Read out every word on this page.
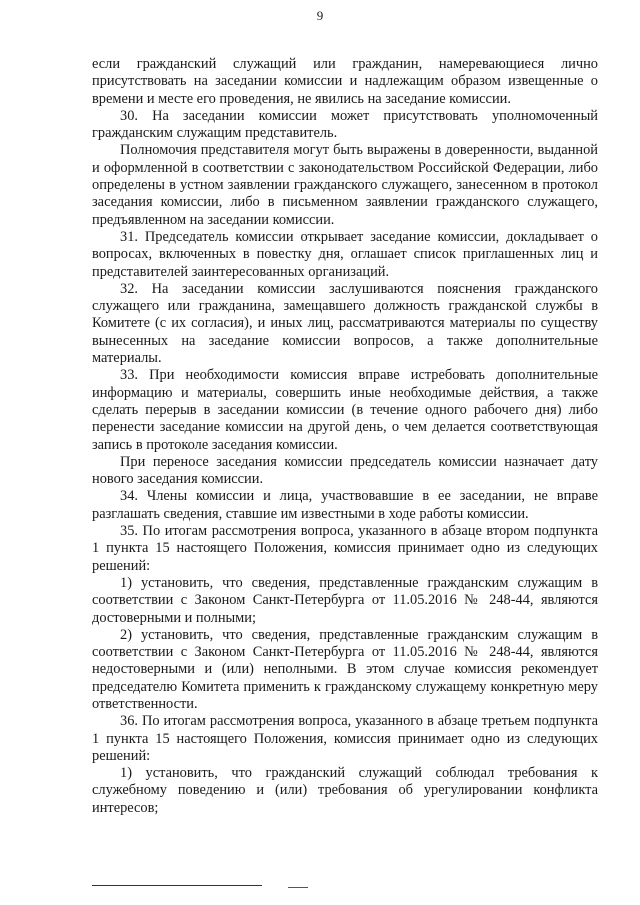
9

если гражданский служащий или гражданин, намеревающиеся лично присутствовать на заседании комиссии и надлежащим образом извещенные о времени и месте его проведения, не явились на заседание комиссии.

30. На заседании комиссии может присутствовать уполномоченный гражданским служащим представитель.

Полномочия представителя могут быть выражены в доверенности, выданной и оформленной в соответствии с законодательством Российской Федерации, либо определены в устном заявлении гражданского служащего, занесенном в протокол заседания комиссии, либо в письменном заявлении гражданского служащего, предъявленном на заседании комиссии.

31. Председатель комиссии открывает заседание комиссии, докладывает о вопросах, включенных в повестку дня, оглашает список приглашенных лиц и представителей заинтересованных организаций.

32. На заседании комиссии заслушиваются пояснения гражданского служащего или гражданина, замещавшего должность гражданской службы в Комитете (с их согласия), и иных лиц, рассматриваются материалы по существу вынесенных на заседание комиссии вопросов, а также дополнительные материалы.

33. При необходимости комиссия вправе истребовать дополнительные информацию и материалы, совершить иные необходимые действия, а также сделать перерыв в заседании комиссии (в течение одного рабочего дня) либо перенести заседание комиссии на другой день, о чем делается соответствующая запись в протоколе заседания комиссии.

При переносе заседания комиссии председатель комиссии назначает дату нового заседания комиссии.

34. Члены комиссии и лица, участвовавшие в ее заседании, не вправе разглашать сведения, ставшие им известными в ходе работы комиссии.

35. По итогам рассмотрения вопроса, указанного в абзаце втором подпункта 1 пункта 15 настоящего Положения, комиссия принимает одно из следующих решений:

1) установить, что сведения, представленные гражданским служащим в соответствии с Законом Санкт-Петербурга от 11.05.2016 № 248-44, являются достоверными и полными;

2) установить, что сведения, представленные гражданским служащим в соответствии с Законом Санкт-Петербурга от 11.05.2016 № 248-44, являются недостоверными и (или) неполными. В этом случае комиссия рекомендует председателю Комитета применить к гражданскому служащему конкретную меру ответственности.

36. По итогам рассмотрения вопроса, указанного в абзаце третьем подпункта 1 пункта 15 настоящего Положения, комиссия принимает одно из следующих решений:

1) установить, что гражданский служащий соблюдал требования к служебному поведению и (или) требования об урегулировании конфликта интересов;
